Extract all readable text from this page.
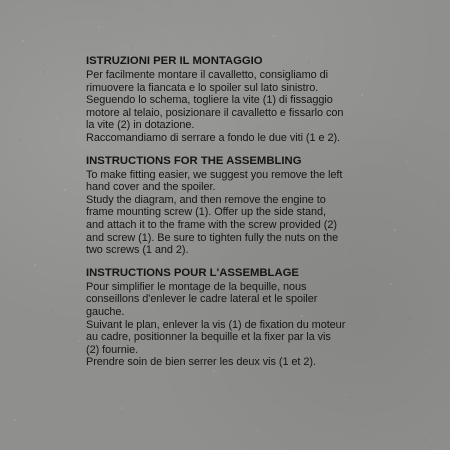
ISTRUZIONI PER IL MONTAGGIO
Per facilmente montare il cavalletto, consigliamo di
rimuovere la fiancata e lo spoiler sul lato sinistro.
Seguendo lo schema, togliere la vite (1) di fissaggio
motore al telaio, posizionare il cavalletto e fissarlo con
la vite (2) in dotazione.
Raccomandiamo di serrare a fondo le due viti (1 e 2).
INSTRUCTIONS FOR THE ASSEMBLING
To make fitting easier, we suggest you remove the left
hand cover and the spoiler.
Study the diagram, and then remove the engine to
frame mounting screw (1). Offer up the side stand,
and attach it to the frame with the screw provided (2)
and screw (1). Be sure to tighten fully the nuts on the
two screws (1 and 2).
INSTRUCTIONS POUR L'ASSEMBLAGE
Pour simplifier le montage de la bequille, nous
conseillons d'enlever le cadre lateral et le spoiler
gauche.
Suivant le plan, enlever la vis (1) de fixation du moteur
au cadre, positionner la bequille et la fixer par la vis
(2) fournie.
Prendre soin de bien serrer les deux vis (1 et 2).
